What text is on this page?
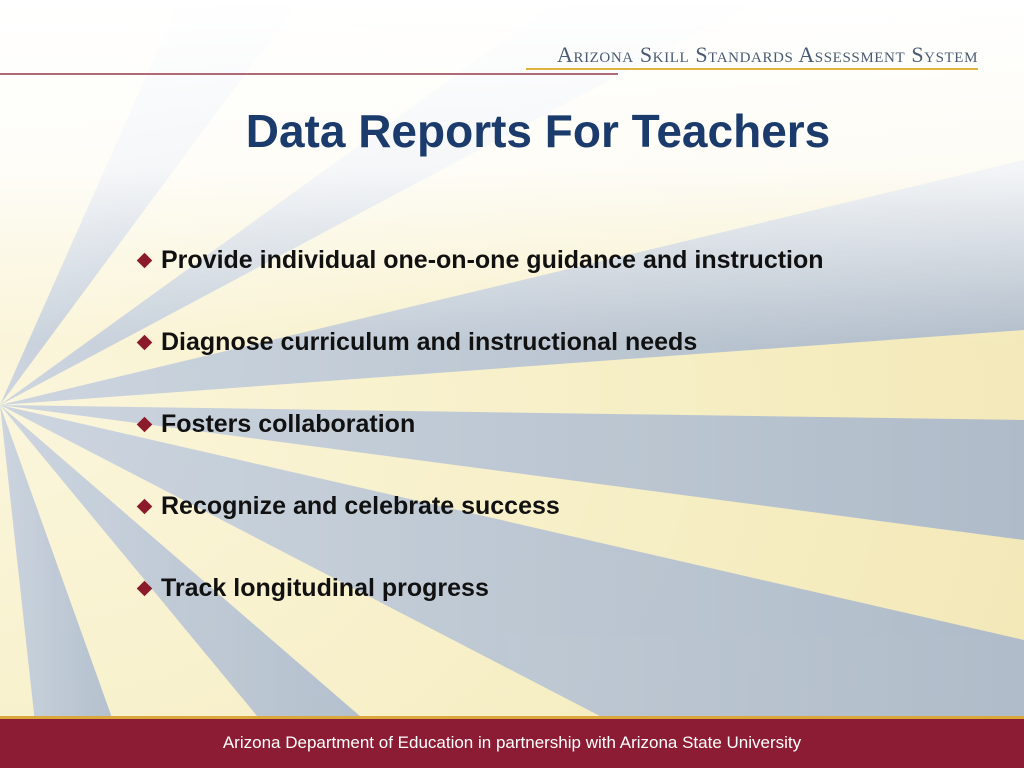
Arizona Skill Standards Assessment System
Data Reports For Teachers
Provide individual one-on-one guidance and instruction
Diagnose curriculum and instructional needs
Fosters collaboration
Recognize and celebrate success
Track longitudinal progress
Arizona Department of Education in partnership with Arizona State University
